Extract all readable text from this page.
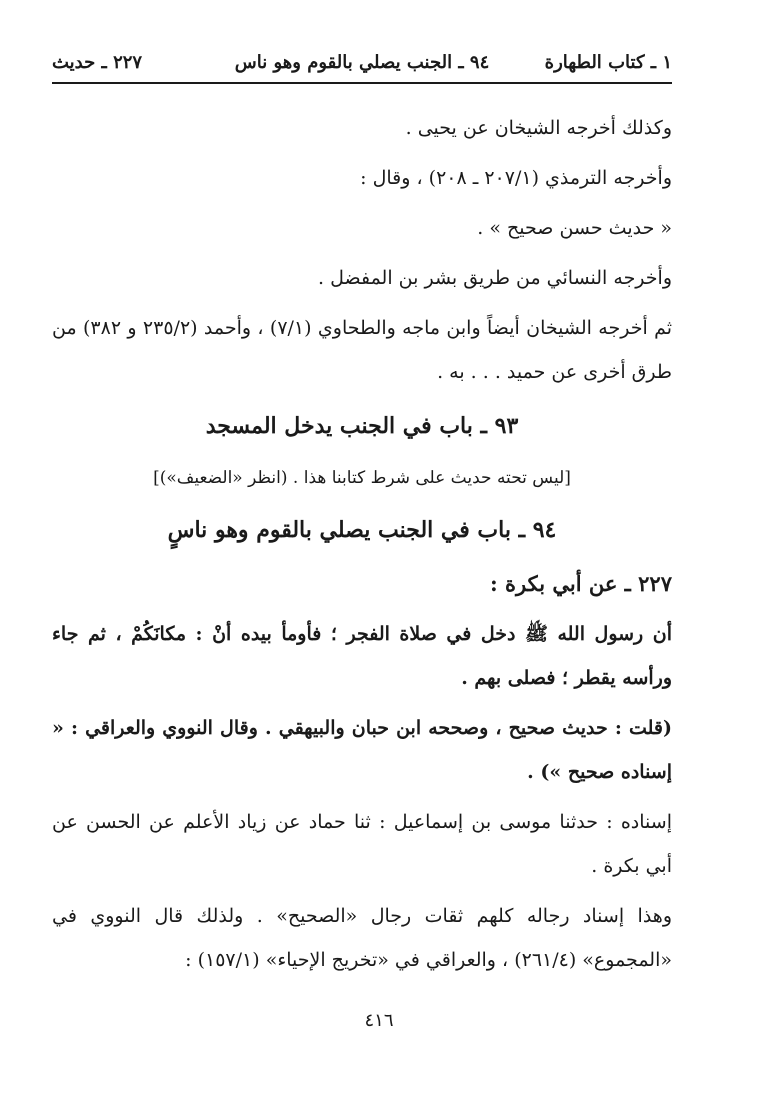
١ ـ كتاب الطهارة
٩٤ ـ الجنب يصلي بالقوم وهو ناس
٢٢٧ ـ حديث
وكذلك أخرجه الشيخان عن يحيى .
وأخرجه الترمذي (٢٠٧/١ ـ ٢٠٨) ، وقال :
« حديث حسن صحيح » .
وأخرجه النسائي من طريق بشر بن المفضل .
ثم أخرجه الشيخان أيضاً وابن ماجه والطحاوي (٧/١) ، وأحمد (٢٣٥/٢ و ٣٨٢) من طرق أخرى عن حميد . . . به .
٩٣ ـ باب في الجنب يدخل المسجد
[ليس تحته حديث على شرط كتابنا هذا . (انظر «الضعيف»)]
٩٤ ـ باب في الجنب يصلي بالقوم وهو ناسٍ
٢٢٧ ـ عن أبي بكرة :
أن رسول الله ﷺ دخل في صلاة الفجر ؛ فأومأ بيده أنْ : مكانَكُمْ ، ثم جاء ورأسه يقطر ؛ فصلى بهم .
(قلت : حديث صحيح ، وصححه ابن حبان والبيهقي . وقال النووي والعراقي : « إسناده صحيح ») .
إسناده : حدثنا موسى بن إسماعيل : ثنا حماد عن زياد الأعلم عن الحسن عن أبي بكرة .
وهذا إسناد رجاله كلهم ثقات رجال «الصحيح» . ولذلك قال النووي في «المجموع» (٢٦١/٤) ، والعراقي في «تخريج الإحياء» (١٥٧/١) :
٤١٦
